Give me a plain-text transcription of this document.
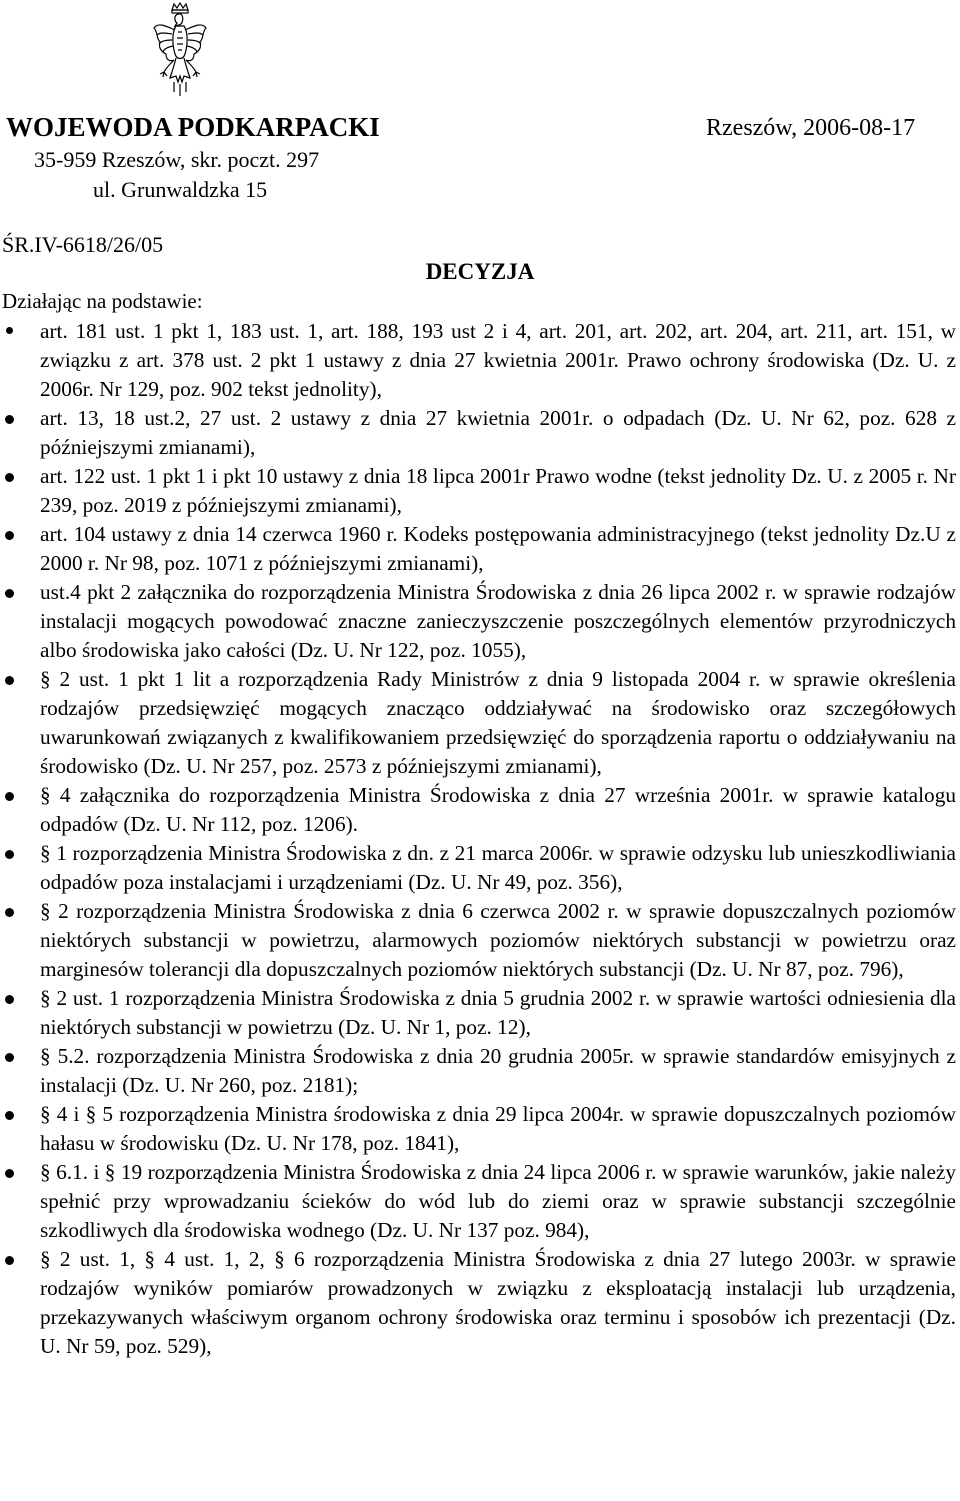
WOJEWODA PODKARPACKI	Rzeszów, 2006-08-17
35-959 Rzeszów, skr. poczt. 297
ul. Grunwaldzka 15
ŚR.IV-6618/26/05
DECYZJA
Działając na podstawie:
art. 181 ust. 1 pkt 1, 183 ust. 1, art. 188, 193 ust 2 i 4, art. 201, art. 202, art. 204, art. 211, art. 151, w związku z art. 378 ust. 2 pkt 1 ustawy z dnia 27 kwietnia 2001r. Prawo ochrony środowiska (Dz. U. z 2006r. Nr 129, poz. 902 tekst jednolity),
art. 13, 18 ust.2, 27 ust. 2 ustawy z dnia 27 kwietnia 2001r. o odpadach (Dz. U. Nr 62, poz. 628 z późniejszymi zmianami),
art. 122 ust. 1 pkt 1 i pkt 10 ustawy z dnia 18 lipca 2001r Prawo wodne (tekst jednolity Dz. U. z 2005 r. Nr 239, poz. 2019 z późniejszymi zmianami),
art. 104 ustawy z dnia 14 czerwca 1960 r. Kodeks postępowania administracyjnego (tekst jednolity Dz.U z 2000 r. Nr 98, poz. 1071 z późniejszymi zmianami),
ust.4 pkt 2 załącznika do rozporządzenia Ministra Środowiska z dnia 26 lipca 2002 r. w sprawie rodzajów instalacji mogących powodować znaczne zanieczyszczenie poszczególnych elementów przyrodniczych albo środowiska jako całości (Dz. U. Nr 122, poz. 1055),
§ 2 ust. 1 pkt 1 lit a rozporządzenia Rady Ministrów z dnia 9 listopada 2004 r. w sprawie określenia rodzajów przedsięwzięć mogących znacząco oddziaływać na środowisko oraz szczegółowych uwarunkowań związanych z kwalifikowaniem przedsięwzięć do sporządzenia raportu o oddziaływaniu na środowisko (Dz. U. Nr 257, poz. 2573 z późniejszymi zmianami),
§ 4 załącznika do rozporządzenia Ministra Środowiska z dnia 27 września 2001r. w sprawie katalogu odpadów (Dz. U. Nr 112, poz. 1206).
§ 1 rozporządzenia Ministra Środowiska z dn. z 21 marca 2006r. w sprawie odzysku lub unieszkodliwiania odpadów poza instalacjami i urządzeniami (Dz. U. Nr 49, poz. 356),
§ 2 rozporządzenia Ministra Środowiska z dnia 6 czerwca 2002 r. w sprawie dopuszczalnych poziomów niektórych substancji w powietrzu, alarmowych poziomów niektórych substancji w powietrzu oraz marginesów tolerancji dla dopuszczalnych poziomów niektórych substancji (Dz. U. Nr 87, poz. 796),
§ 2 ust. 1 rozporządzenia Ministra Środowiska z dnia 5 grudnia 2002 r. w sprawie wartości odniesienia dla niektórych substancji w powietrzu (Dz. U. Nr 1, poz. 12),
§ 5.2. rozporządzenia Ministra Środowiska z dnia 20 grudnia 2005r. w sprawie standardów emisyjnych z instalacji (Dz. U. Nr 260, poz. 2181);
§ 4 i § 5 rozporządzenia Ministra środowiska z dnia 29 lipca 2004r. w sprawie dopuszczalnych poziomów hałasu w środowisku (Dz. U. Nr 178, poz. 1841),
§ 6.1. i § 19 rozporządzenia Ministra Środowiska z dnia 24 lipca 2006 r. w sprawie warunków, jakie należy spełnić przy wprowadzaniu ścieków do wód lub do ziemi oraz w sprawie substancji szczególnie szkodliwych dla środowiska wodnego (Dz. U. Nr 137 poz. 984),
§ 2 ust. 1, § 4 ust. 1, 2, § 6 rozporządzenia Ministra Środowiska z dnia 27 lutego 2003r. w sprawie rodzajów wyników pomiarów prowadzonych w związku z eksploatacją instalacji lub urządzenia, przekazywanych właściwym organom ochrony środowiska oraz terminu i sposobów ich prezentacji (Dz. U. Nr 59, poz. 529),
